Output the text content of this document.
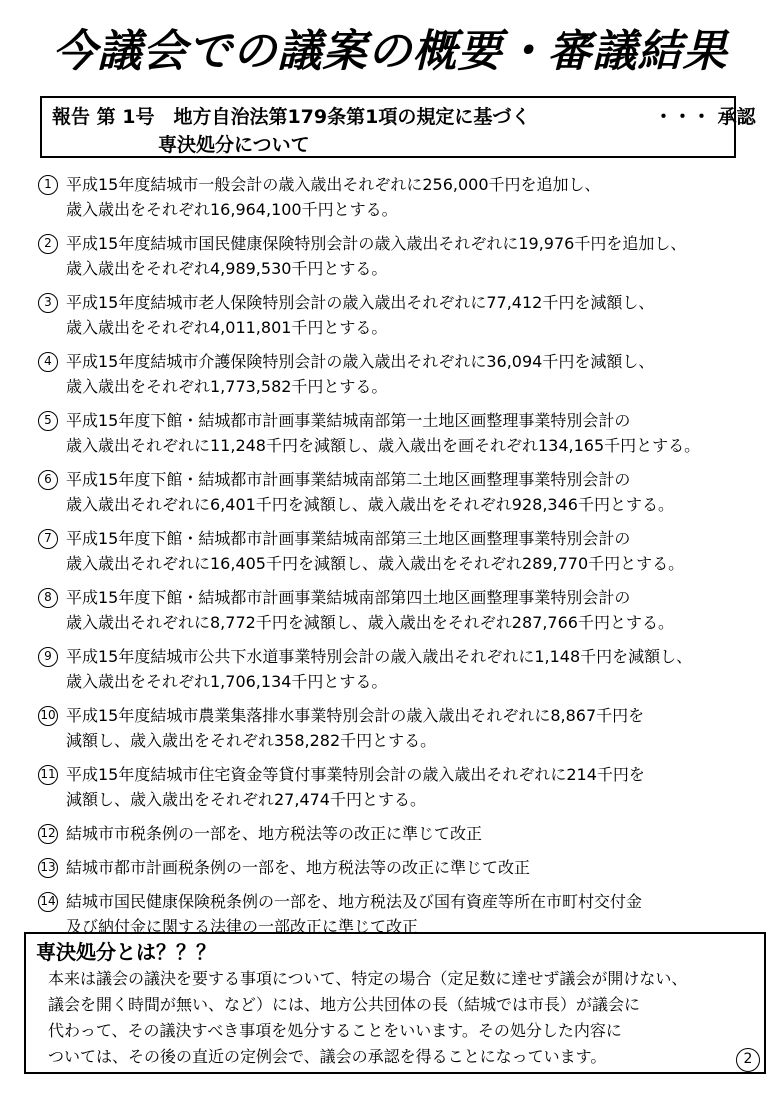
今議会での議案の概要・審議結果
報告 第 1号　地方自治法第179条第1項の規定に基づく
専決処分について
・・・ 承認
1 平成15年度結城市一般会計の歳入歳出それぞれに256,000千円を追加し、
歳入歳出をそれぞれ16,964,100千円とする。
2 平成15年度結城市国民健康保険特別会計の歳入歳出それぞれに19,976千円を追加し、
歳入歳出をそれぞれ4,989,530千円とする。
3 平成15年度結城市老人保険特別会計の歳入歳出それぞれに77,412千円を減額し、
歳入歳出をそれぞれ4,011,801千円とする。
4 平成15年度結城市介護保険特別会計の歳入歳出それぞれに36,094千円を減額し、
歳入歳出をそれぞれ1,773,582千円とする。
5 平成15年度下館・結城都市計画事業結城南部第一土地区画整理事業特別会計の
歳入歳出それぞれに11,248千円を減額し、歳入歳出を画それぞれ134,165千円とする。
6 平成15年度下館・結城都市計画事業結城南部第二土地区画整理事業特別会計の
歳入歳出それぞれに6,401千円を減額し、歳入歳出をそれぞれ928,346千円とする。
7 平成15年度下館・結城都市計画事業結城南部第三土地区画整理事業特別会計の
歳入歳出それぞれに16,405千円を減額し、歳入歳出をそれぞれ289,770千円とする。
8 平成15年度下館・結城都市計画事業結城南部第四土地区画整理事業特別会計の
歳入歳出それぞれに8,772千円を減額し、歳入歳出をそれぞれ287,766千円とする。
9 平成15年度結城市公共下水道事業特別会計の歳入歳出それぞれに1,148千円を減額し、
歳入歳出をそれぞれ1,706,134千円とする。
10 平成15年度結城市農業集落排水事業特別会計の歳入歳出それぞれに8,867千円を
減額し、歳入歳出をそれぞれ358,282千円とする。
11 平成15年度結城市住宅資金等貸付事業特別会計の歳入歳出それぞれに214千円を
減額し、歳入歳出をそれぞれ27,474千円とする。
12 結城市市税条例の一部を、地方税法等の改正に準じて改正
13 結城市都市計画税条例の一部を、地方税法等の改正に準じて改正
14 結城市国民健康保険税条例の一部を、地方税法及び国有資産等所在市町村交付金
及び納付金に関する法律の一部改正に準じて改正
専決処分とは？？？
本来は議会の議決を要する事項について、特定の場合（定足数に達せず議会が開けない、
議会を開く時間が無い、など）には、地方公共団体の長（結城では市長）が議会に
代わって、その議決すべき事項を処分することをいいます。その処分した内容に
ついては、その後の直近の定例会で、議会の承認を得ることになっています。	2
